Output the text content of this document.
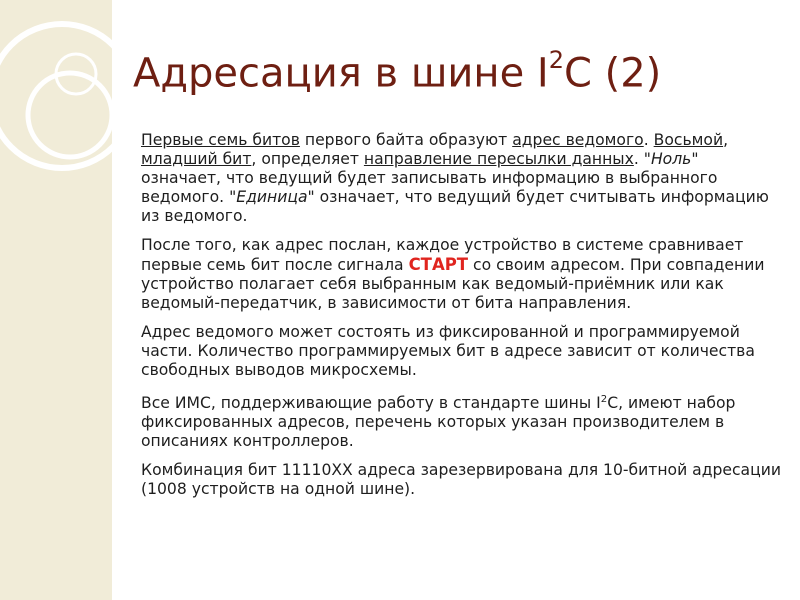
Адресация в шине $I^2C$ (2)

Первые семь битов первого байта образуют адрес ведомого. Восьмой, младший бит, определяет направление пересылки данных. "Ноль" означает, что ведущий будет записывать информацию в выбранного ведомого. "Единица" означает, что ведущий будет считывать информацию из ведомого.

После того, как адрес послан, каждое устройство в системе сравнивает первые семь бит после сигнала СТАРТ со своим адресом. При совпадении устройство полагает себя выбранным как ведомый-приёмник или как ведомый-передатчик, в зависимости от бита направления.

Адрес ведомого может состоять из фиксированной и программируемой части. Количество программируемых бит в адресе зависит от количества свободных выводов микросхемы.

Все ИМС, поддерживающие работу в стандарте шины $I^2C$, имеют набор фиксированных адресов, перечень которых указан производителем в описаниях контроллеров.

Комбинация бит 11110XX адреса зарезервирована для 10-битной адресации (1008 устройств на одной шине).
